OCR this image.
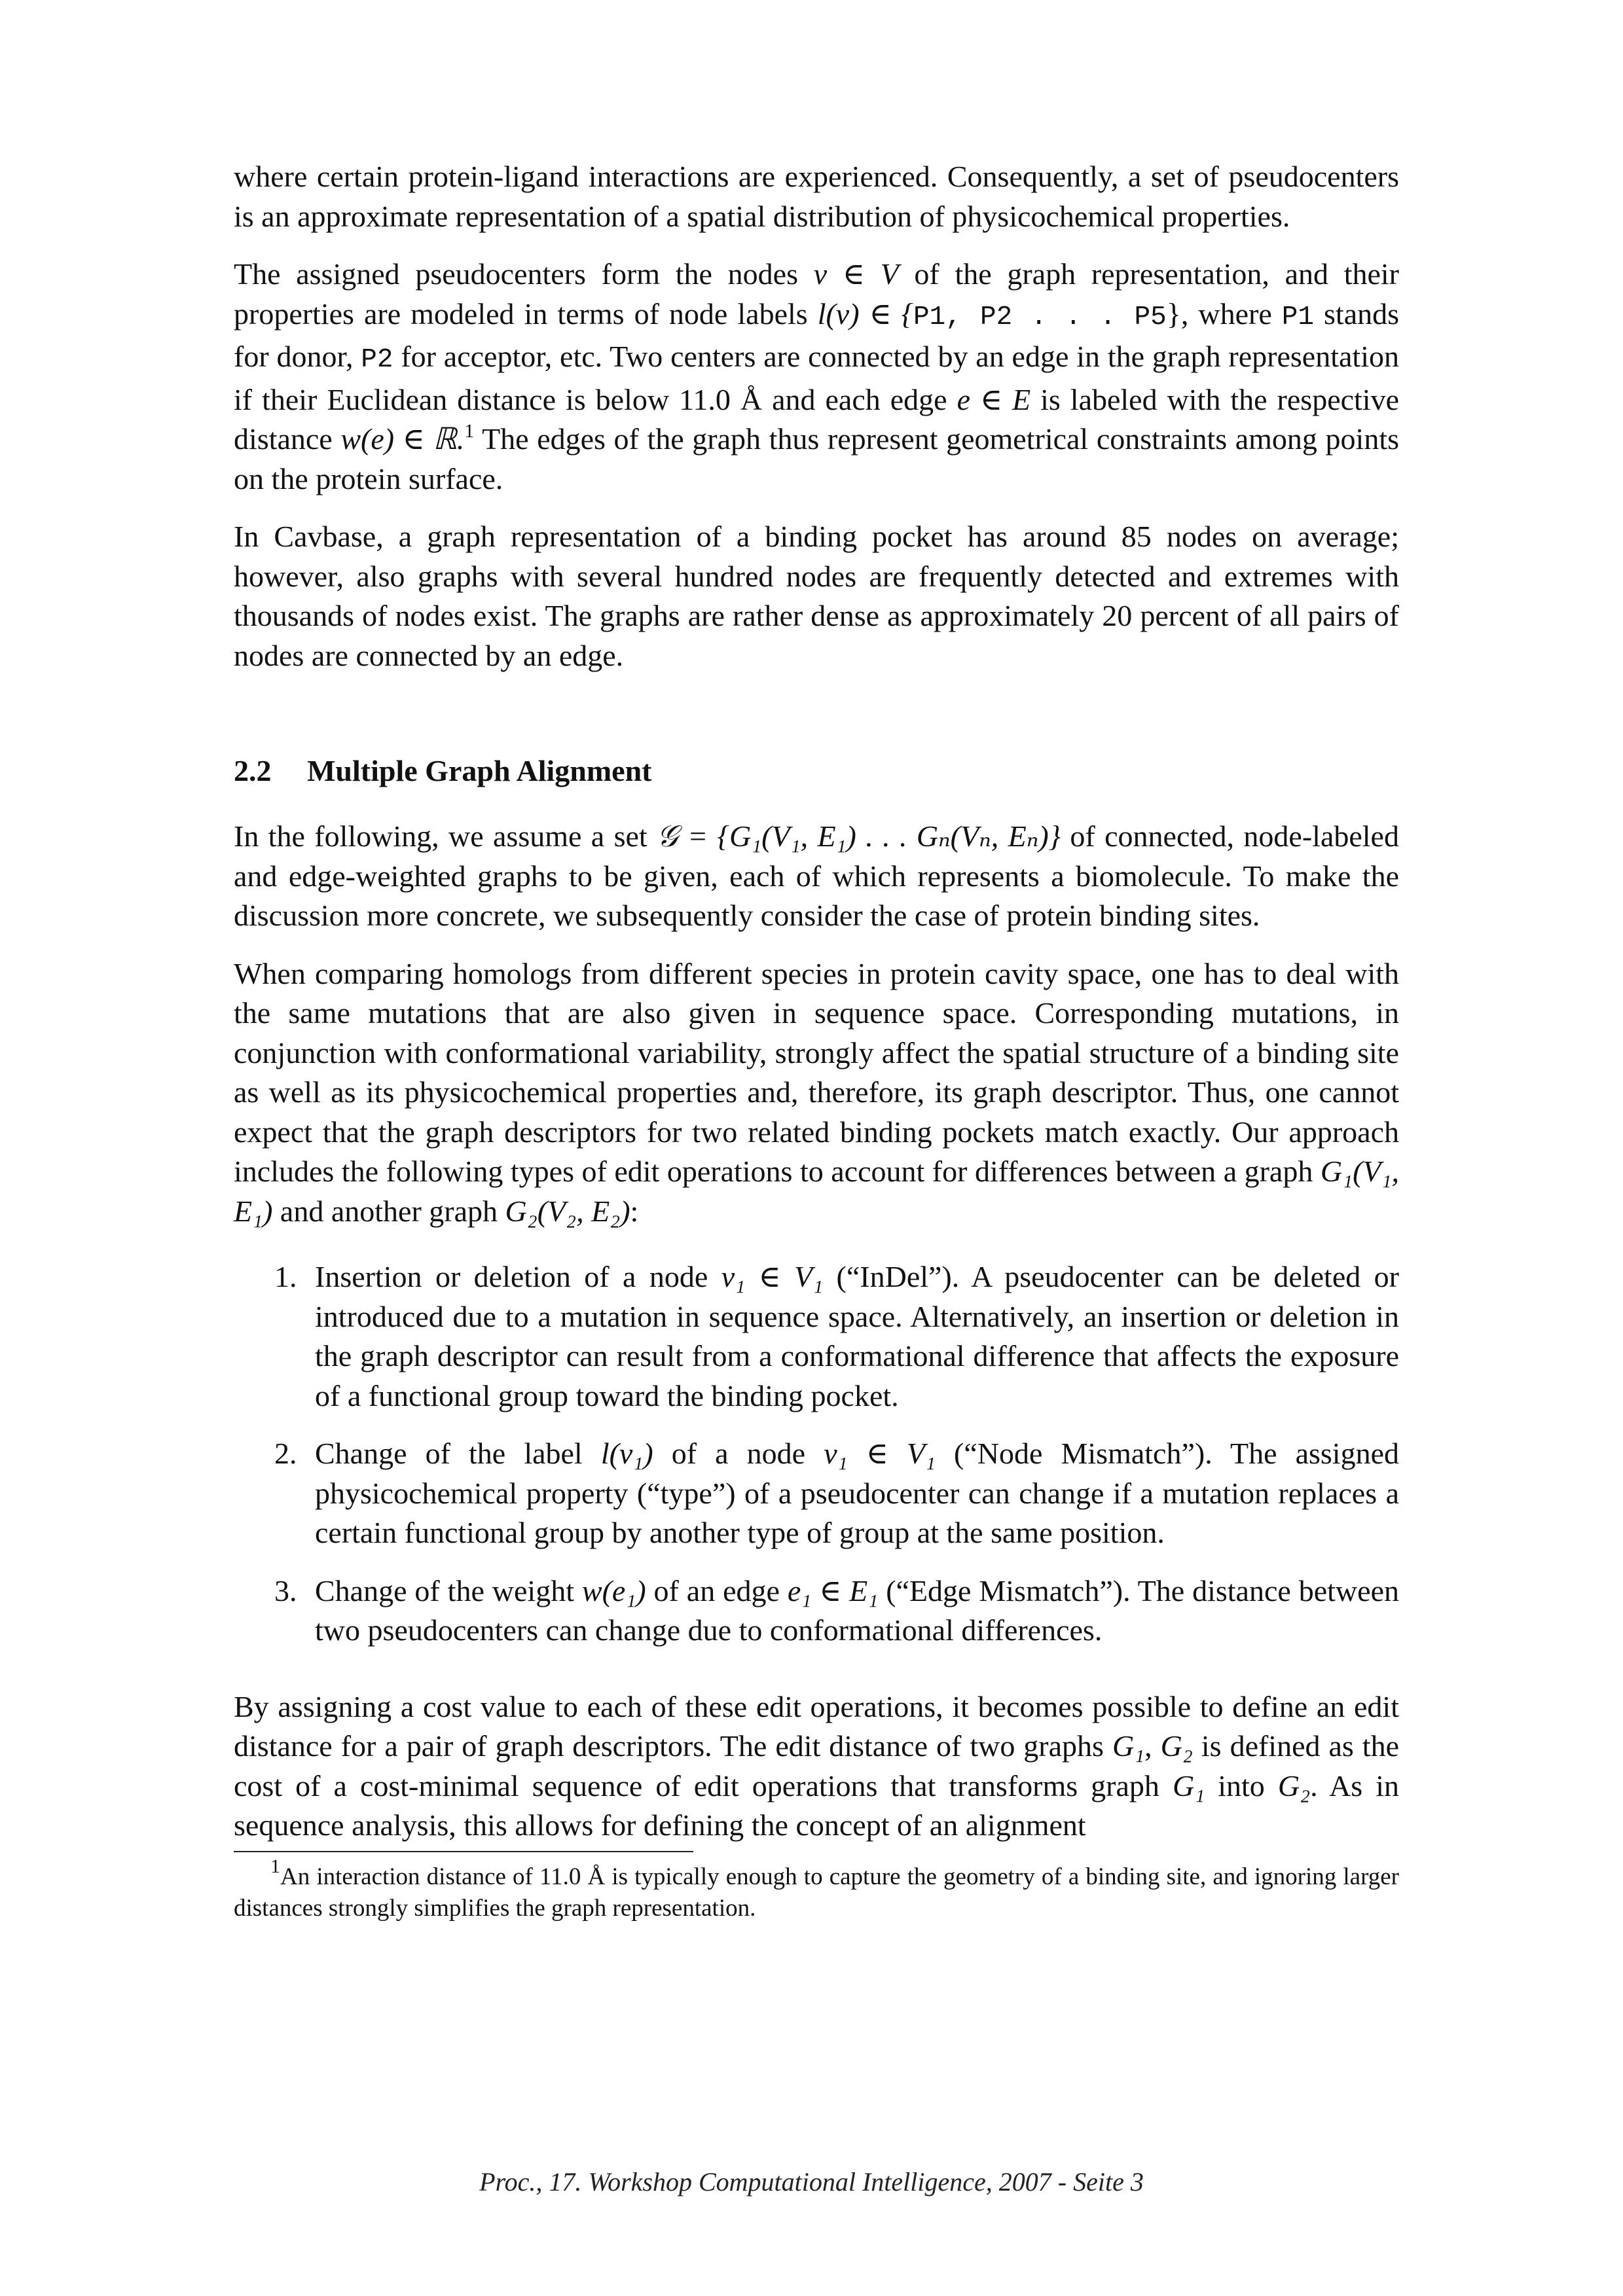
where certain protein-ligand interactions are experienced. Consequently, a set of pseudocenters is an approximate representation of a spatial distribution of physicochemical properties.

The assigned pseudocenters form the nodes v ∈ V of the graph representation, and their properties are modeled in terms of node labels l(v) ∈ {P1, P2 . . . P5}, where P1 stands for donor, P2 for acceptor, etc. Two centers are connected by an edge in the graph representation if their Euclidean distance is below 11.0 Å and each edge e ∈ E is labeled with the respective distance w(e) ∈ ℝ.$^1$ The edges of the graph thus represent geometrical constraints among points on the protein surface.

In Cavbase, a graph representation of a binding pocket has around 85 nodes on average; however, also graphs with several hundred nodes are frequently detected and extremes with thousands of nodes exist. The graphs are rather dense as approximately 20 percent of all pairs of nodes are connected by an edge.

2.2 Multiple Graph Alignment

In the following, we assume a set 𝒢 = {G₁(V₁, E₁) . . . Gₙ(Vₙ, Eₙ)} of connected, node-labeled and edge-weighted graphs to be given, each of which represents a biomolecule. To make the discussion more concrete, we subsequently consider the case of protein binding sites.

When comparing homologs from different species in protein cavity space, one has to deal with the same mutations that are also given in sequence space. Corresponding mutations, in conjunction with conformational variability, strongly affect the spatial structure of a binding site as well as its physicochemical properties and, therefore, its graph descriptor. Thus, one cannot expect that the graph descriptors for two related binding pockets match exactly. Our approach includes the following types of edit operations to account for differences between a graph G₁(V₁, E₁) and another graph G₂(V₂, E₂):

1. Insertion or deletion of a node v₁ ∈ V₁ (“InDel”). A pseudocenter can be deleted or introduced due to a mutation in sequence space. Alternatively, an insertion or deletion in the graph descriptor can result from a conformational difference that affects the exposure of a functional group toward the binding pocket.
2. Change of the label l(v₁) of a node v₁ ∈ V₁ (“Node Mismatch”). The assigned physicochemical property (“type”) of a pseudocenter can change if a mutation replaces a certain functional group by another type of group at the same position.
3. Change of the weight w(e₁) of an edge e₁ ∈ E₁ (“Edge Mismatch”). The distance between two pseudocenters can change due to conformational differences.

By assigning a cost value to each of these edit operations, it becomes possible to define an edit distance for a pair of graph descriptors. The edit distance of two graphs G₁, G₂ is defined as the cost of a cost-minimal sequence of edit operations that transforms graph G₁ into G₂. As in sequence analysis, this allows for defining the concept of an alignment

$^1$An interaction distance of 11.0 Å is typically enough to capture the geometry of a binding site, and ignoring larger distances strongly simplifies the graph representation.

Proc., 17. Workshop Computational Intelligence, 2007 - Seite 3
